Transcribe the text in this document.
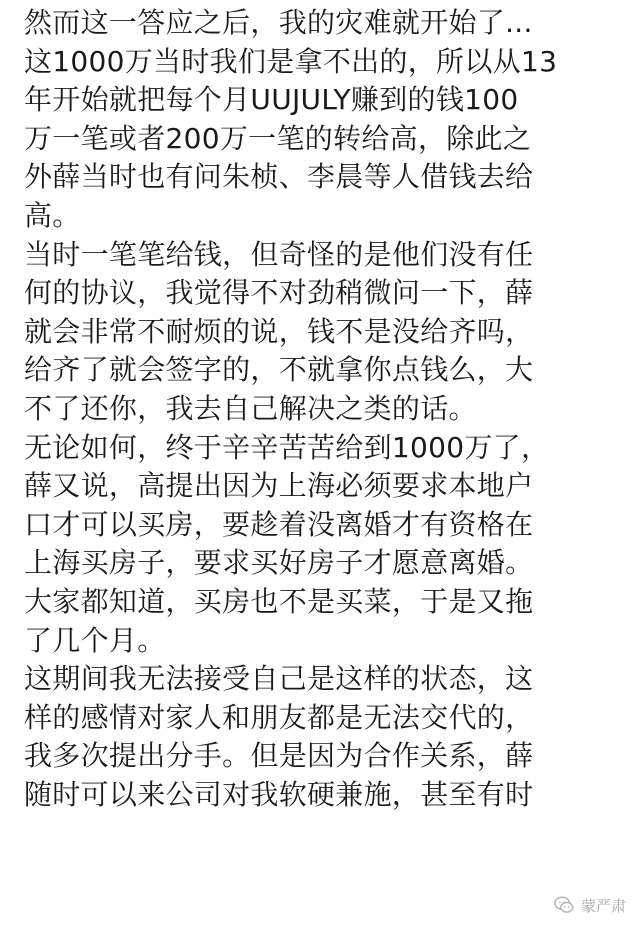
然而这一答应之后，我的灾难就开始了...
这1000万当时我们是拿不出的，所以从13
年开始就把每个月UUJULY赚到的钱100
万一笔或者200万一笔的转给高，除此之
外薛当时也有问朱桢、李晨等人借钱去给
高。
当时一笔笔给钱，但奇怪的是他们没有任
何的协议，我觉得不对劲稍微问一下，薛
就会非常不耐烦的说，钱不是没给齐吗，
给齐了就会签字的，不就拿你点钱么，大
不了还你，我去自己解决之类的话。
无论如何，终于辛辛苦苦给到1000万了，
薛又说，高提出因为上海必须要求本地户
口才可以买房，要趁着没离婚才有资格在
上海买房子，要求买好房子才愿意离婚。
大家都知道，买房也不是买菜，于是又拖
了几个月。
这期间我无法接受自己是这样的状态，这
样的感情对家人和朋友都是无法交代的，
我多次提出分手。但是因为合作关系，薛
随时可以来公司对我软硬兼施，甚至有时
蒙严肃
